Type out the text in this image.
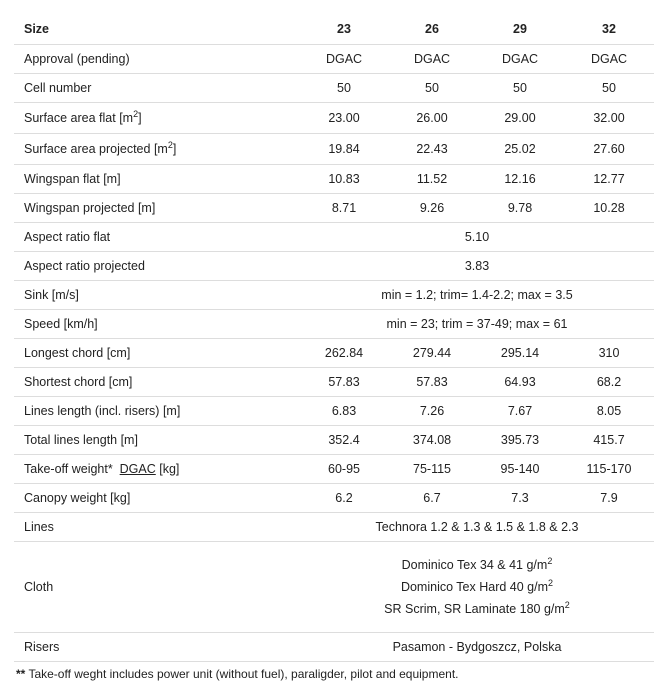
Size	23	26	29	32
Approval (pending)	DGAC	DGAC	DGAC	DGAC
Cell number	50	50	50	50
Surface area flat $[m^2]$	23.00	26.00	29.00	32.00
Surface area projected $[m^2]$	19.84	22.43	25.02	27.60
Wingspan flat [m]	10.83	11.52	12.16	12.77
Wingspan projected [m]	8.71	9.26	9.78	10.28
Aspect ratio flat	5.10			
Aspect ratio projected	3.83			
Sink [m/s]	min = 1.2; trim= 1.4-2.2; max = 3.5			
Speed [km/h]	min = 23; trim = 37-49; max = 61			
Longest chord [cm]	262.84	279.44	295.14	310
Shortest chord [cm]	57.83	57.83	64.93	68.2
Lines length (incl. risers) [m]	6.83	7.26	7.67	8.05
Total lines length [m]	352.4	374.08	395.73	415.7
Take-off weight*  DGAC [kg]	60-95	75-115	95-140	115-170
Canopy weight [kg]	6.2	6.7	7.3	7.9
Lines	Technora 1.2 & 1.3 & 1.5 & 1.8 & 2.3			
Cloth	Dominico Tex 34 & 41 $g/m^2$
Dominico Tex Hard 40 $g/m^2$
SR Scrim, SR Laminate 180 $g/m^2$

Risers	Pasamon - Bydgoszcz, Polska			
** Take-off weght includes power unit (without fuel), paraligder, pilot and equipment.
